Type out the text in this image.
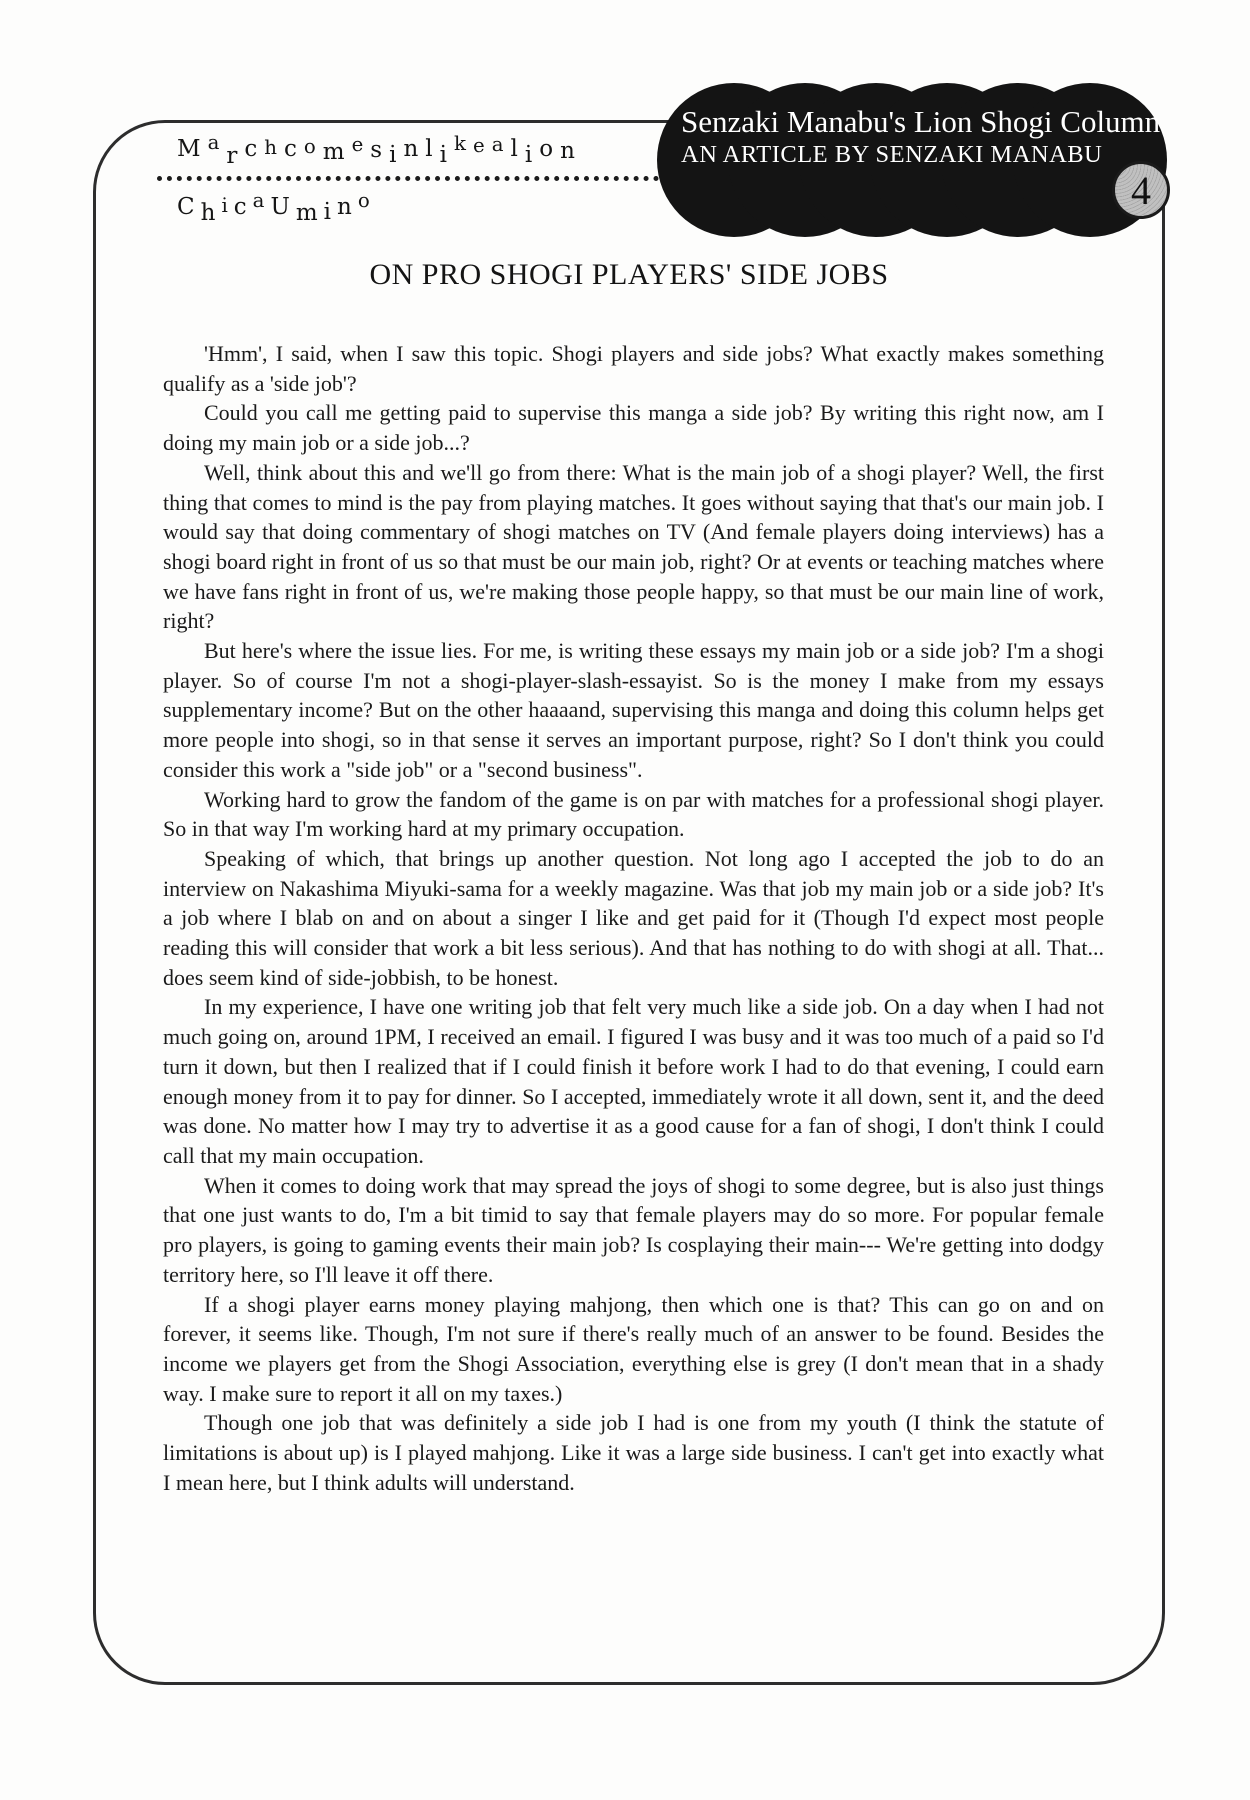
Marchcomesinlikealion
ChicaUmino
Senzaki Manabu's Lion Shogi Column
AN ARTICLE BY SENZAKI MANABU
4
ON PRO SHOGI PLAYERS' SIDE JOBS

'Hmm', I said, when I saw this topic. Shogi players and side jobs? What exactly makes something qualify as a 'side job'?

Could you call me getting paid to supervise this manga a side job? By writing this right now, am I doing my main job or a side job...?

Well, think about this and we'll go from there: What is the main job of a shogi player? Well, the first thing that comes to mind is the pay from playing matches. It goes without saying that that's our main job. I would say that doing commentary of shogi matches on TV (And female players doing interviews) has a shogi board right in front of us so that must be our main job, right? Or at events or teaching matches where we have fans right in front of us, we're making those people happy, so that must be our main line of work, right?

But here's where the issue lies. For me, is writing these essays my main job or a side job? I'm a shogi player. So of course I'm not a shogi-player-slash-essayist. So is the money I make from my essays supplementary income? But on the other haaaand, supervising this manga and doing this column helps get more people into shogi, so in that sense it serves an important purpose, right? So I don't think you could consider this work a "side job" or a "second business".

Working hard to grow the fandom of the game is on par with matches for a professional shogi player. So in that way I'm working hard at my primary occupation.

Speaking of which, that brings up another question. Not long ago I accepted the job to do an interview on Nakashima Miyuki-sama for a weekly magazine. Was that job my main job or a side job? It's a job where I blab on and on about a singer I like and get paid for it (Though I'd expect most people reading this will consider that work a bit less serious). And that has nothing to do with shogi at all. That... does seem kind of side-jobbish, to be honest.

In my experience, I have one writing job that felt very much like a side job. On a day when I had not much going on, around 1PM, I received an email. I figured I was busy and it was too much of a paid so I'd turn it down, but then I realized that if I could finish it before work I had to do that evening, I could earn enough money from it to pay for dinner. So I accepted, immediately wrote it all down, sent it, and the deed was done. No matter how I may try to advertise it as a good cause for a fan of shogi, I don't think I could call that my main occupation.

When it comes to doing work that may spread the joys of shogi to some degree, but is also just things that one just wants to do, I'm a bit timid to say that female players may do so more. For popular female pro players, is going to gaming events their main job? Is cosplaying their main--- We're getting into dodgy territory here, so I'll leave it off there.

If a shogi player earns money playing mahjong, then which one is that? This can go on and on forever, it seems like. Though, I'm not sure if there's really much of an answer to be found. Besides the income we players get from the Shogi Association, everything else is grey (I don't mean that in a shady way. I make sure to report it all on my taxes.)

Though one job that was definitely a side job I had is one from my youth (I think the statute of limitations is about up) is I played mahjong. Like it was a large side business. I can't get into exactly what I mean here, but I think adults will understand.
